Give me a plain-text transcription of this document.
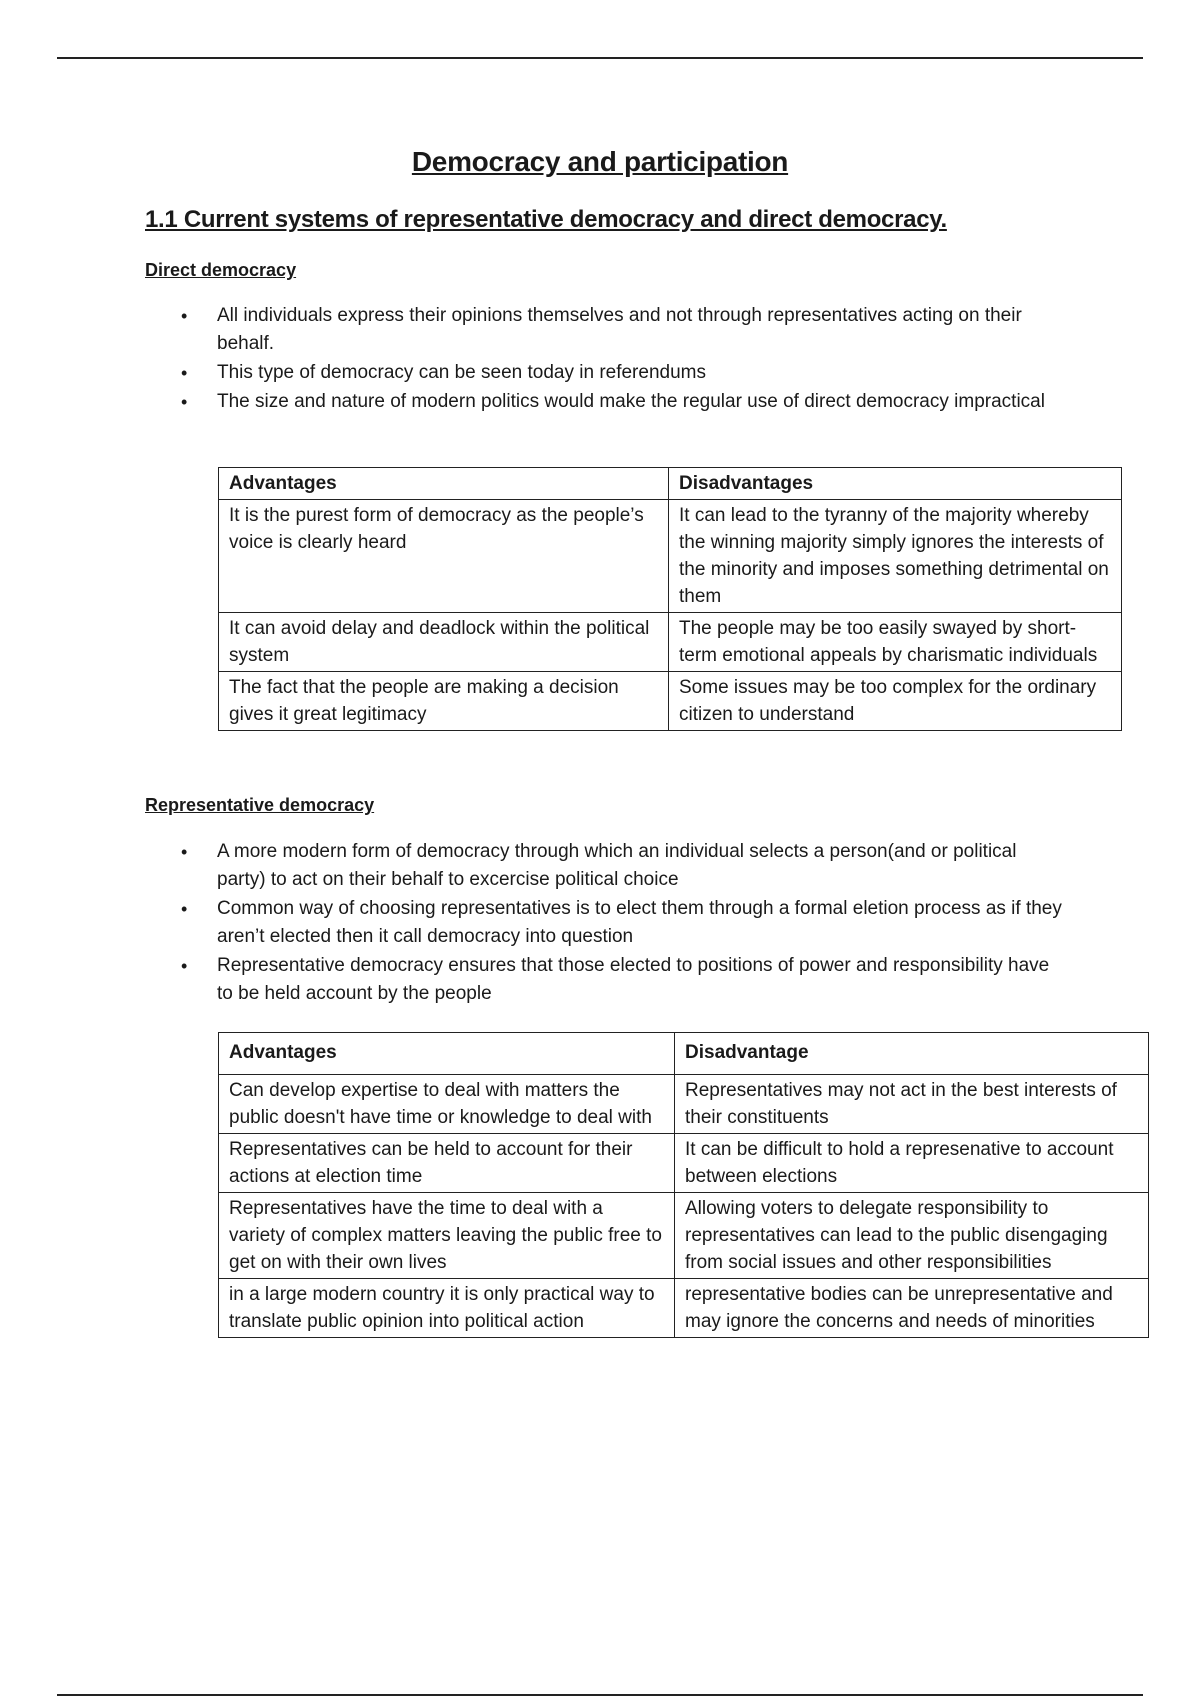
Democracy and participation
1.1 Current systems of representative democracy and direct democracy.
Direct democracy
• All individuals express their opinions themselves and not through representatives acting on their behalf.
• This type of democracy can be seen today in referendums
• The size and nature of modern politics would make the regular use of direct democracy impractical
Advantages	Disadvantages
It is the purest form of democracy as the people’s voice is clearly heard	It can lead to the tyranny of the majority whereby the winning majority simply ignores the interests of the minority and imposes something detrimental on them
It can avoid delay and deadlock within the political system	The people may be too easily swayed by short-term emotional appeals by charismatic individuals
The fact that the people are making a decision gives it great legitimacy	Some issues may be too complex for the ordinary citizen to understand
Representative democracy
• A more modern form of democracy through which an individual selects a person(and or political party) to act on their behalf to excercise political choice
• Common way of choosing representatives is to elect them through a formal eletion process as if they aren’t elected then it call democracy into question
• Representative democracy ensures that those elected to positions of power and responsibility have to be held account by the people
Advantages	Disadvantage
Can develop expertise to deal with matters the public doesn't have time or knowledge to deal with	Representatives may not act in the best interests of their constituents
Representatives can be held to account for their actions at election time	It can be difficult to hold a represenative to account between elections
Representatives have the time to deal with a variety of complex matters leaving the public free to get on with their own lives	Allowing voters to delegate responsibility to representatives can lead to the public disengaging from social issues and other responsibilities
in a large modern country it is only practical way to translate public opinion into political action	representative bodies can be unrepresentative and may ignore the concerns and needs of minorities
